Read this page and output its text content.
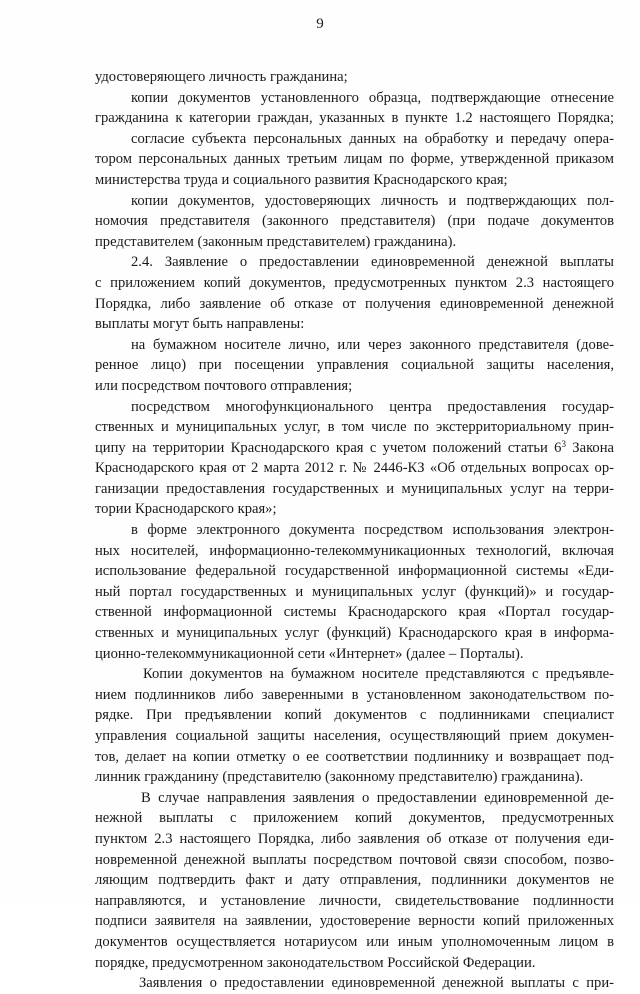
9
удостоверяющего личность гражданина;
копии документов установленного образца, подтверждающие отнесение
гражданина к категории граждан, указанных в пункте 1.2 настоящего Порядка;
согласие субъекта персональных данных на обработку и передачу опера-
тором персональных данных третьим лицам по форме, утвержденной приказом
министерства труда и социального развития Краснодарского края;
копии документов, удостоверяющих личность и подтверждающих пол-
номочия представителя (законного представителя) (при подаче документов
представителем (законным представителем) гражданина).
2.4. Заявление о предоставлении единовременной денежной выплаты
с приложением копий документов, предусмотренных пунктом 2.3 настоящего
Порядка, либо заявление об отказе от получения единовременной денежной
выплаты могут быть направлены:
на бумажном носителе лично, или через законного представителя (дове-
ренное лицо) при посещении управления социальной защиты населения,
или посредством почтового отправления;
посредством многофункционального центра предоставления государ-
ственных и муниципальных услуг, в том числе по экстерриториальному прин-
ципу на территории Краснодарского края с учетом положений статьи $6^3$ Закона
Краснодарского края от 2 марта 2012 г. № 2446-КЗ «Об отдельных вопросах ор-
ганизации предоставления государственных и муниципальных услуг на терри-
тории Краснодарского края»;
в форме электронного документа посредством использования электрон-
ных носителей, информационно-телекоммуникационных технологий, включая
использование федеральной государственной информационной системы «Еди-
ный портал государственных и муниципальных услуг (функций)» и государ-
ственной информационной системы Краснодарского края «Портал государ-
ственных и муниципальных услуг (функций) Краснодарского края в информа-
ционно-телекоммуникационной сети «Интернет» (далее – Порталы).
Копии документов на бумажном носителе представляются с предъявле-
нием подлинников либо заверенными в установленном законодательством по-
рядке. При предъявлении копий документов с подлинниками специалист
управления социальной защиты населения, осуществляющий прием докумен-
тов, делает на копии отметку о ее соответствии подлиннику и возвращает под-
линник гражданину (представителю (законному представителю) гражданина).
В случае направления заявления о предоставлении единовременной де-
нежной выплаты с приложением копий документов, предусмотренных
пунктом 2.3 настоящего Порядка, либо заявления об отказе от получения еди-
новременной денежной выплаты посредством почтовой связи способом, позво-
ляющим подтвердить факт и дату отправления, подлинники документов не
направляются, и установление личности, свидетельствование подлинности
подписи заявителя на заявлении, удостоверение верности копий приложенных
документов осуществляется нотариусом или иным уполномоченным лицом в
порядке, предусмотренном законодательством Российской Федерации.
Заявления о предоставлении единовременной денежной выплаты с при-
